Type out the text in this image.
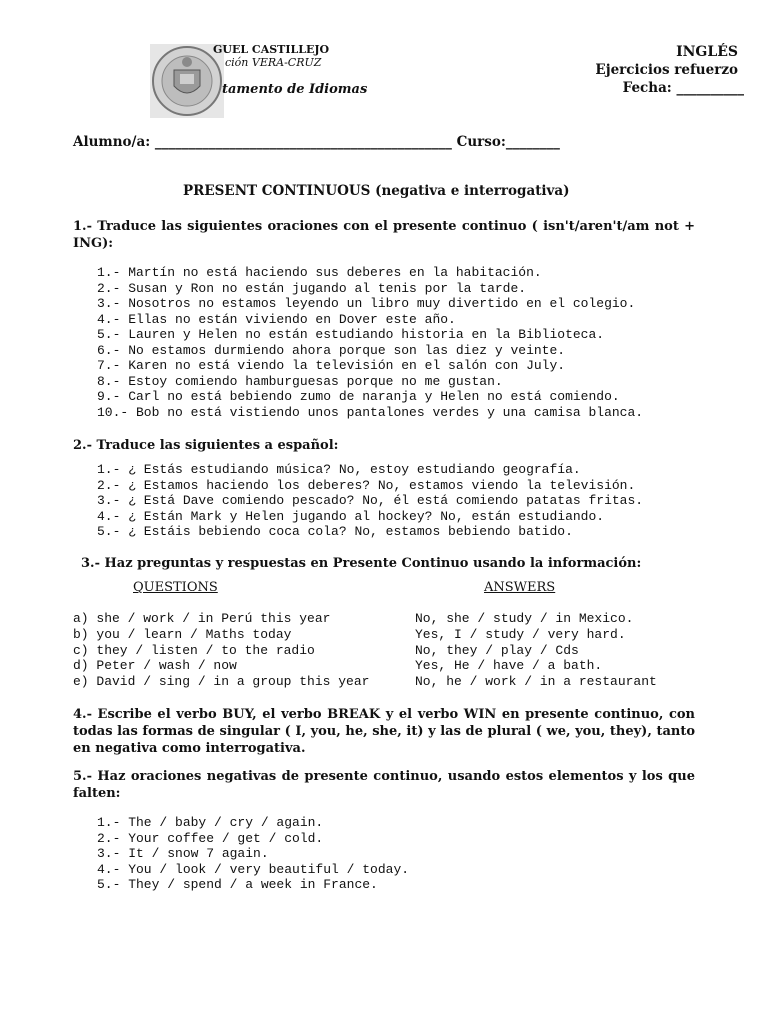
GUEL CASTILLEJO
ción VERA-CRUZ
tamento de Idiomas
INGLÉS
Ejercicios refuerzo
Fecha: __________
Alumno/a: ____________________________________________ Curso:________
PRESENT CONTINUOUS (negativa e interrogativa)
1.- Traduce las siguientes oraciones con el presente continuo ( isn't/aren't/am not + ING):
1.- Martín no está haciendo sus deberes en la habitación.
2.- Susan y Ron no están jugando al tenis por la tarde.
3.- Nosotros no estamos leyendo un libro muy divertido en el colegio.
4.- Ellas no están viviendo en Dover este año.
5.- Lauren y Helen no están estudiando historia en la Biblioteca.
6.- No estamos durmiendo ahora porque son las diez y veinte.
7.- Karen no está viendo la televisión en el salón con July.
8.- Estoy comiendo hamburguesas porque no me gustan.
9.- Carl no está bebiendo zumo de naranja y Helen no está comiendo.
10.- Bob no está vistiendo unos pantalones verdes y una camisa blanca.
2.- Traduce las siguientes a español:
1.- ¿ Estás estudiando música? No, estoy estudiando geografía.
2.- ¿ Estamos haciendo los deberes? No, estamos viendo la televisión.
3.- ¿ Está Dave comiendo pescado? No, él está comiendo patatas fritas.
4.- ¿ Están Mark y Helen jugando al hockey? No, están estudiando.
5.- ¿ Estáis bebiendo coca cola? No, estamos bebiendo batido.
3.- Haz preguntas y respuestas en Presente Continuo usando la información:
QUESTIONS	ANSWERS
a) she / work / in Perú this year
b) you / learn / Maths today
c) they / listen / to the radio
d) Peter / wash / now
e) David / sing / in a group this year
No, she / study / in Mexico.
Yes, I / study / very hard.
No, they / play / Cds
Yes, He / have / a bath.
No, he / work / in a restaurant
4.- Escribe el verbo BUY, el verbo BREAK y el verbo WIN en presente continuo, con todas las formas de singular ( I, you, he, she, it) y las de plural ( we, you, they), tanto en negativa como interrogativa.
5.- Haz oraciones negativas de presente continuo, usando estos elementos y los que falten:
1.- The / baby / cry / again.
2.- Your coffee / get / cold.
3.- It / snow 7 again.
4.- You / look / very beautiful / today.
5.- They / spend / a week in France.
